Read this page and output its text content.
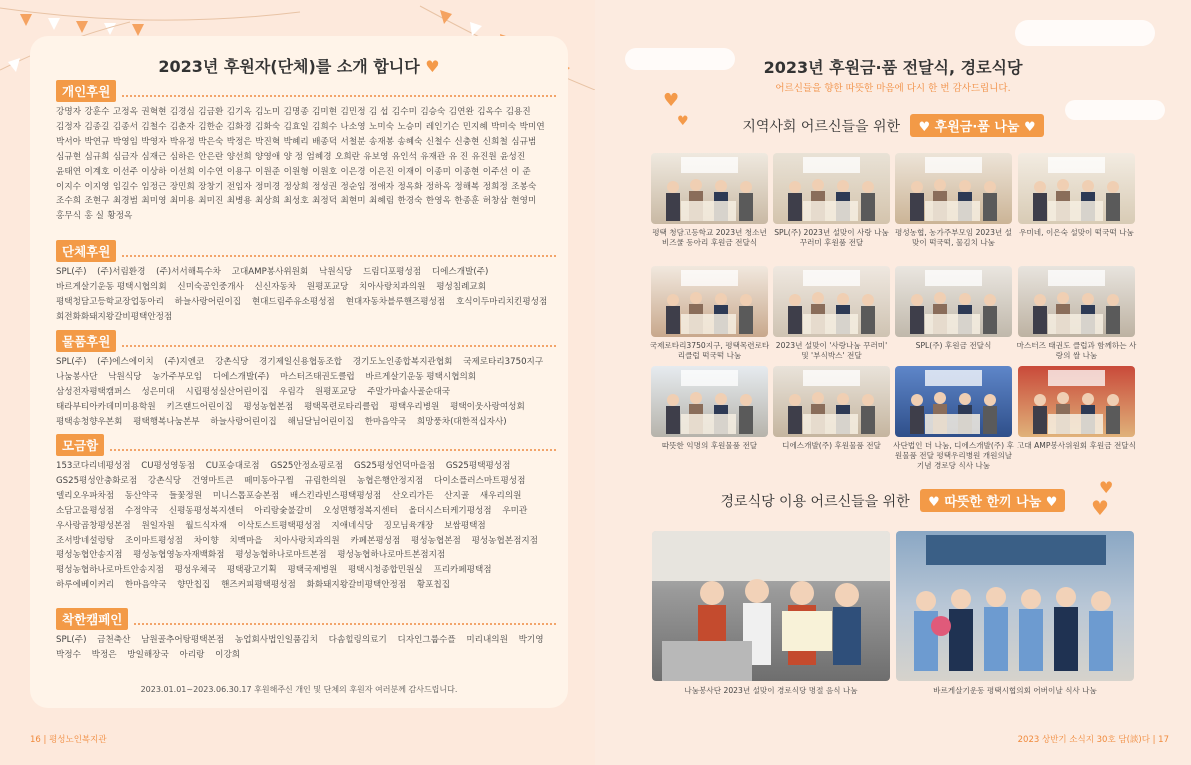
2023년 후원자(단체)를 소개 합니다 ♥
개인후원
강명자 강훈수 고정옥 권혁현 김경심 김금환 김기옥 김노미 김명종 김미현 김민정 김 섭 김수미 김승숙 김연완 김옥수 김용진김정자 김종길 김종서 김철수 김춘자 김한순 김화경 김화숙 김효일 김희수 나소영 노미숙 노승미 레인기슨 민지혜 박미숙 박미연박서아 박연규 박영임 박영자 박유정 박은숙 박정은 박진혁 박혜리 배종덕 서철분 송재봉 송혜숙 신철수 신충현 신희철 심규범심규현 심규희 심금자 심재근 심하은 안은란 양선희 양영애 양 정 엄혜경 오희란 유보영 유인석 유재관 유 진 유진원 윤성진윤태연 이계호 이선주 이상하 이선희 이수연 이용구 이원준 이원형 이원호 이은경 이은진 이재이 이종미 이종현 이주선 이 준이지수 이지영 임길수 임정근 장민희 장창기 전임자 정미경 정상희 정성권 정순임 정애자 정옥화 정하옥 정해복 정희정 조봉숙조수희 조현구 최경범 최미영 최미용 최미진 최병용 최상희 최성호 최정덕 최현미 최혜림 한경숙 한영옥 한종훈 허창삼 현영미홍무식 홍 실 황정옥
단체후원
SPL(주) (주)서림환경 (주)서서해특수차 고대AMP봉사위원회 낙원식당 드림디포평성점 디에스개발(주) 바르게살기운동 평택시협의회 신미숙공인중개사 신신자동차 원평포교당 치아사랑치과의원 평성침례교회 평택청담고등학교장업동아리 하늘사랑어린이집 현대드림주유소평성점 현대자동차블루핸즈평성점 호식이두마리치킨평성점 회전화화돼지왕갈비평택안정점
물품후원
SPL(주) (주)에스에이치 (주)지엔코 강촌식당 경기제일신용협동조합 경기도노인종합복지관협회 국제로타리3750지구 나눔봉사단 낙원식당 농가주부모임 디에스개발(주) 마스터즈태권도클럽 바르게살기운동 평택시협의회 삼성전자평택캠퍼스 성은미대 시립평성실산어린이집 우림각 원평포교당 주말가마솥사골순대국 태라부티아카데미미용학원 키즈랜드어린이집 평성농협본점 평택목련로타리클럽 평택우리병원 평택이웃사랑여성회 평택송청향우본회 평택행복나눔본부 하늘사랑어린이집 해님달님어린이집 한마음약국 희망풍차(대한적십자사)
모금함
153코다리네평성점 CU평성영동점 CU포승대로점 GS25안정쇼핑로점 GS25평성언덕마을점 GS25평택평성점 GS25평성안충화로점 강촌식당 건영마트큰 떼미동아구찜 규림한의원 농협은행안정지점 다이소플러스마트평성점 델리오우파차점 동산약국 들꽃정원 미니스톱포승본점 배스킨라빈스평택평성점 산오리가든 산지골 새우리의원 소담고을평성점 수정약국 신평동평성복지센터 아리랑숯불갈비 오성면행정복지센터 올더시스터케기평성점 우미관 우사랑곱창평성본점 원일자원 월드식자재 이삭토스트평택평성점 지애네식당 징모님육개장 보쌈평택점 조서방네설렁탕 조이마트평성점 차이향 치맥마을 치아사랑치과의원 카페본평성점 평성농협본점 평성농협본점지점 평성농협안송지점 평성농협영농자재백화점 평성농협하나로마트본점 평성농협하나로마트본점지점 평성농협하나로마트안송지점 평성우체국 평택광고기획 평택국제병원 평택시청종합민원실 프리카페평택점 하루에베이커리 한마음약국 향만칩집 핸즈커피평택평성점 화화돼지왕갈비평택안정점 황포칩집
착한캠페인
SPL(주) 금천축산 남원골추어탕평택본점 농업회사법인일품김치 다솜힐링의료기 디자인그룹수플 미리내의원 박기영 박정수 박정은 방일해장국 아리랑 이강희
2023.01.01~2023.06.30.17 후원해주신 개인 및 단체의 후원자 여러분께 감사드립니다.
16 | 평성노인복지관
2023년 후원금·품 전달식, 경로식당
어르신들을 향한 따뜻한 마음에 다시 한 번 감사드립니다.
♥
♥
♥
♥
지역사회 어르신들을 위한 ♥ 후원금·품 나눔 ♥
평택 청담고등학교 2023년 청소년 비즈쿨 동아리 후원금 전달식
SPL(주) 2023년 설맞이 사랑 나눔 꾸러미 후원품 전달
평성농협, 농가주부모임 2023년 설맞이 떡국떡, 물김치 나눔
우미네, 이은숙 설맞이 떡국떡 나눔
국제로타리3750지구, 평택목련로타리클럽 떡국떡 나눔
2023년 설맞이 '사랑나눔 꾸러미' 및 '부식박스' 전달
SPL(주) 후원금 전달식	마스터즈 태권도 클럽과 함께하는 사랑의 쌀 나눔
따뜻한 익명의 후원물품 전달	디에스개발(주) 후원물품 전달	사단법인 더 나눔, 디에스개발(주) 후원물품 전달 평택우리병원 개원의날 기념 경로당 식사 나눔
고대 AMP봉사위원회 후원금 전달식
경로식당 이용 어르신들을 위한 ♥ 따뜻한 한끼 나눔 ♥
나눔봉사단 2023년 설맞이 경로식당 명절 음식 나눔	바르게살기운동 평택시협의회 어버이날 식사 나눔
2023 상반기 소식지 30호 담(談)다 | 17
